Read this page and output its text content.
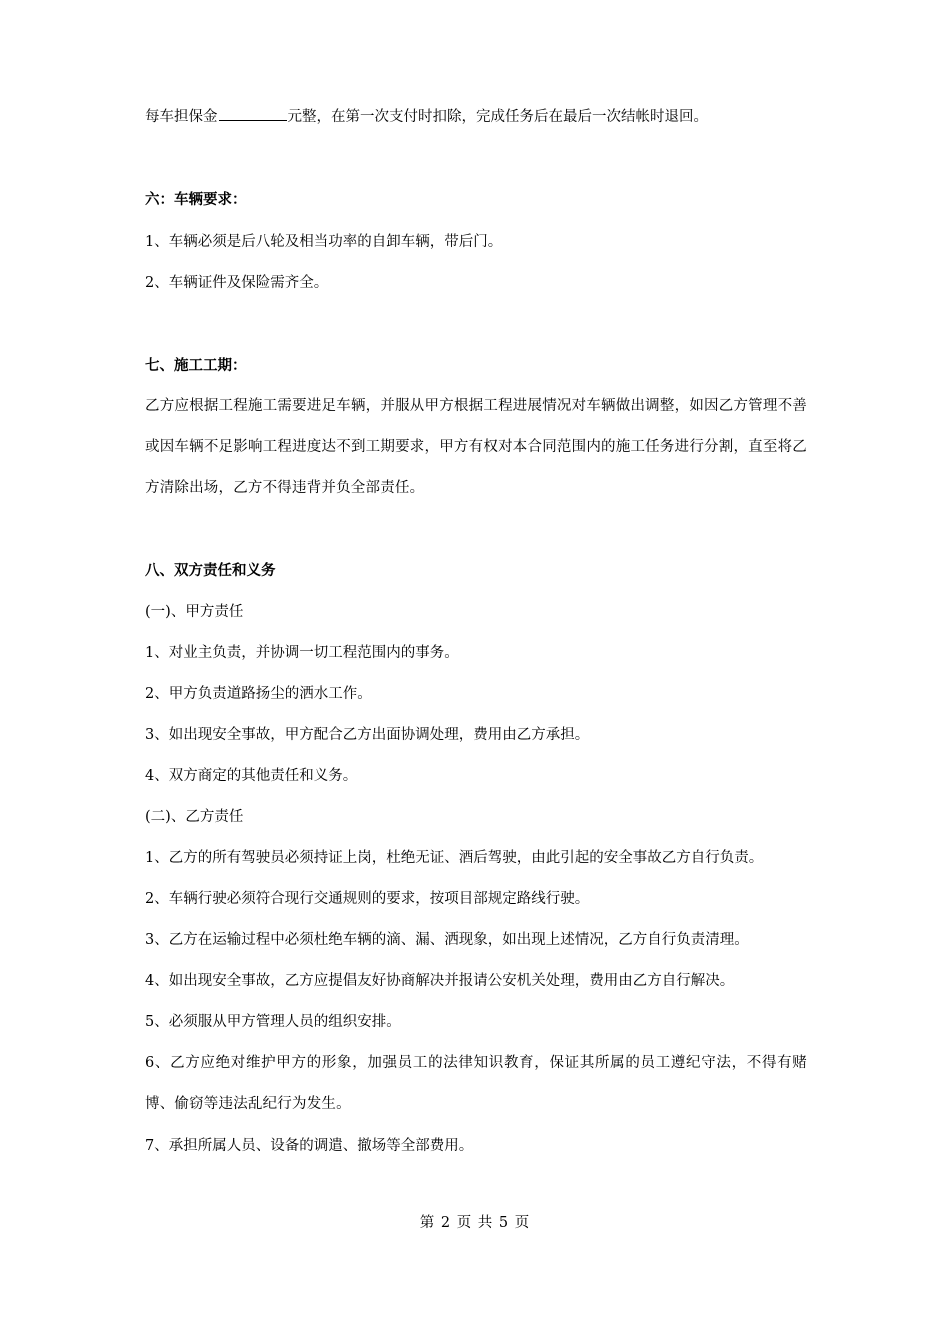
每车担保金	元整，在第一次支付时扣除，完成任务后在最后一次结帐时退回。

六：车辆要求：

1、车辆必须是后八轮及相当功率的自卸车辆，带后门。

2、车辆证件及保险需齐全。

七、施工工期：

乙方应根据工程施工需要进足车辆，并服从甲方根据工程进展情况对车辆做出调整，如因乙方管理不善或因车辆不足影响工程进度达不到工期要求，甲方有权对本合同范围内的施工任务进行分割，直至将乙方清除出场，乙方不得违背并负全部责任。

八、双方责任和义务

(一)、甲方责任

1、对业主负责，并协调一切工程范围内的事务。

2、甲方负责道路扬尘的洒水工作。

3、如出现安全事故，甲方配合乙方出面协调处理，费用由乙方承担。

4、双方商定的其他责任和义务。

(二)、乙方责任

1、乙方的所有驾驶员必须持证上岗，杜绝无证、酒后驾驶，由此引起的安全事故乙方自行负责。

2、车辆行驶必须符合现行交通规则的要求，按项目部规定路线行驶。

3、乙方在运输过程中必须杜绝车辆的滴、漏、洒现象，如出现上述情况，乙方自行负责清理。

4、如出现安全事故，乙方应提倡友好协商解决并报请公安机关处理，费用由乙方自行解决。

5、必须服从甲方管理人员的组织安排。

6、乙方应绝对维护甲方的形象，加强员工的法律知识教育，保证其所属的员工遵纪守法，不得有赌博、偷窃等违法乱纪行为发生。

7、承担所属人员、设备的调遣、撤场等全部费用。

第 2 页 共 5 页
